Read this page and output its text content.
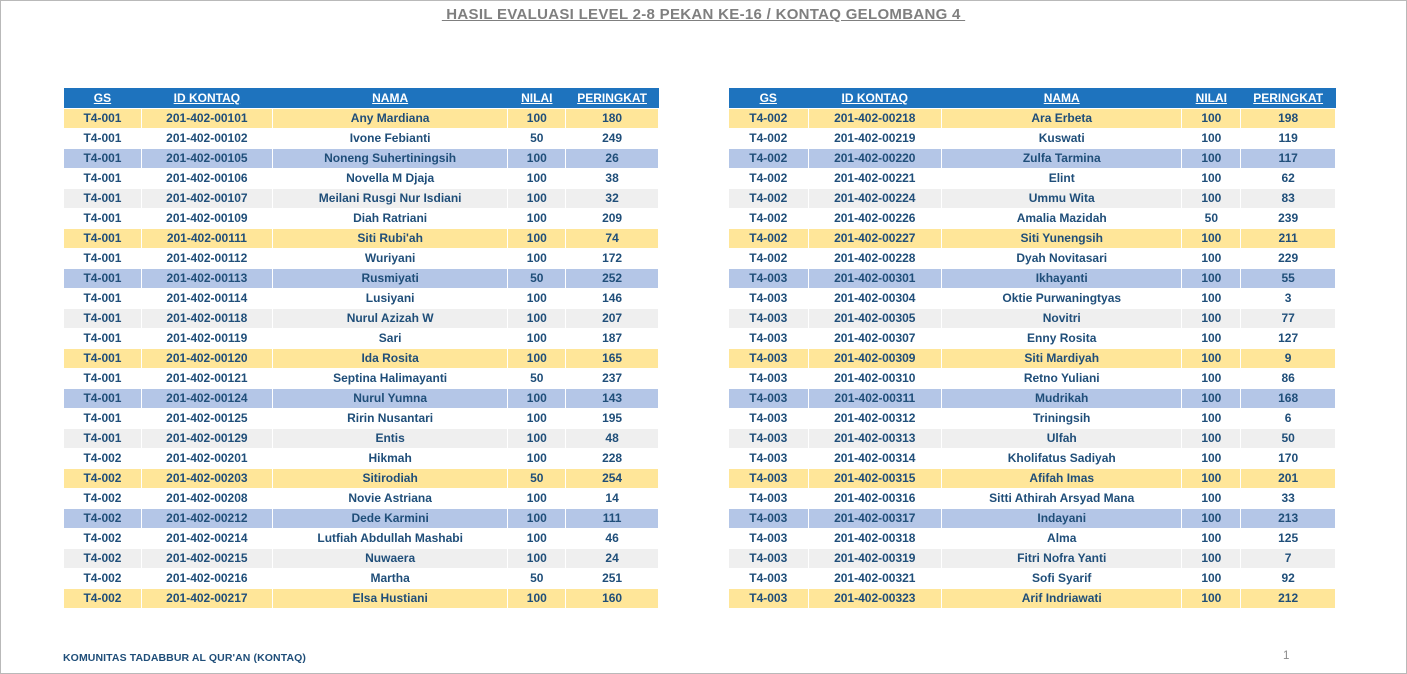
HASIL EVALUASI LEVEL 2-8 PEKAN KE-16 / KONTAQ GELOMBANG 4
GS	ID KONTAQ	NAMA	NILAI	PERINGKAT
T4-001	201-402-00101	Any Mardiana	100	180
T4-001	201-402-00102	Ivone Febianti	50	249
T4-001	201-402-00105	Noneng Suhertiningsih	100	26
T4-001	201-402-00106	Novella M Djaja	100	38
T4-001	201-402-00107	Meilani Rusgi Nur Isdiani	100	32
T4-001	201-402-00109	Diah Ratriani	100	209
T4-001	201-402-00111	Siti Rubi'ah	100	74
T4-001	201-402-00112	Wuriyani	100	172
T4-001	201-402-00113	Rusmiyati	50	252
T4-001	201-402-00114	Lusiyani	100	146
T4-001	201-402-00118	Nurul Azizah W	100	207
T4-001	201-402-00119	Sari	100	187
T4-001	201-402-00120	Ida Rosita	100	165
T4-001	201-402-00121	Septina Halimayanti	50	237
T4-001	201-402-00124	Nurul Yumna	100	143
T4-001	201-402-00125	Ririn Nusantari	100	195
T4-001	201-402-00129	Entis	100	48
T4-002	201-402-00201	Hikmah	100	228
T4-002	201-402-00203	Sitirodiah	50	254
T4-002	201-402-00208	Novie Astriana	100	14
T4-002	201-402-00212	Dede Karmini	100	111
T4-002	201-402-00214	Lutfiah Abdullah Mashabi	100	46
T4-002	201-402-00215	Nuwaera	100	24
T4-002	201-402-00216	Martha	50	251
T4-002	201-402-00217	Elsa Hustiani	100	160
GS	ID KONTAQ	NAMA	NILAI	PERINGKAT
T4-002	201-402-00218	Ara Erbeta	100	198
T4-002	201-402-00219	Kuswati	100	119
T4-002	201-402-00220	Zulfa Tarmina	100	117
T4-002	201-402-00221	Elint	100	62
T4-002	201-402-00224	Ummu Wita	100	83
T4-002	201-402-00226	Amalia Mazidah	50	239
T4-002	201-402-00227	Siti Yunengsih	100	211
T4-002	201-402-00228	Dyah Novitasari	100	229
T4-003	201-402-00301	Ikhayanti	100	55
T4-003	201-402-00304	Oktie Purwaningtyas	100	3
T4-003	201-402-00305	Novitri	100	77
T4-003	201-402-00307	Enny Rosita	100	127
T4-003	201-402-00309	Siti Mardiyah	100	9
T4-003	201-402-00310	Retno Yuliani	100	86
T4-003	201-402-00311	Mudrikah	100	168
T4-003	201-402-00312	Triningsih	100	6
T4-003	201-402-00313	Ulfah	100	50
T4-003	201-402-00314	Kholifatus Sadiyah	100	170
T4-003	201-402-00315	Afifah Imas	100	201
T4-003	201-402-00316	Sitti Athirah Arsyad Mana	100	33
T4-003	201-402-00317	Indayani	100	213
T4-003	201-402-00318	Alma	100	125
T4-003	201-402-00319	Fitri Nofra Yanti	100	7
T4-003	201-402-00321	Sofi Syarif	100	92
T4-003	201-402-00323	Arif Indriawati	100	212
KOMUNITAS TADABBUR AL QUR'AN (KONTAQ)	1
